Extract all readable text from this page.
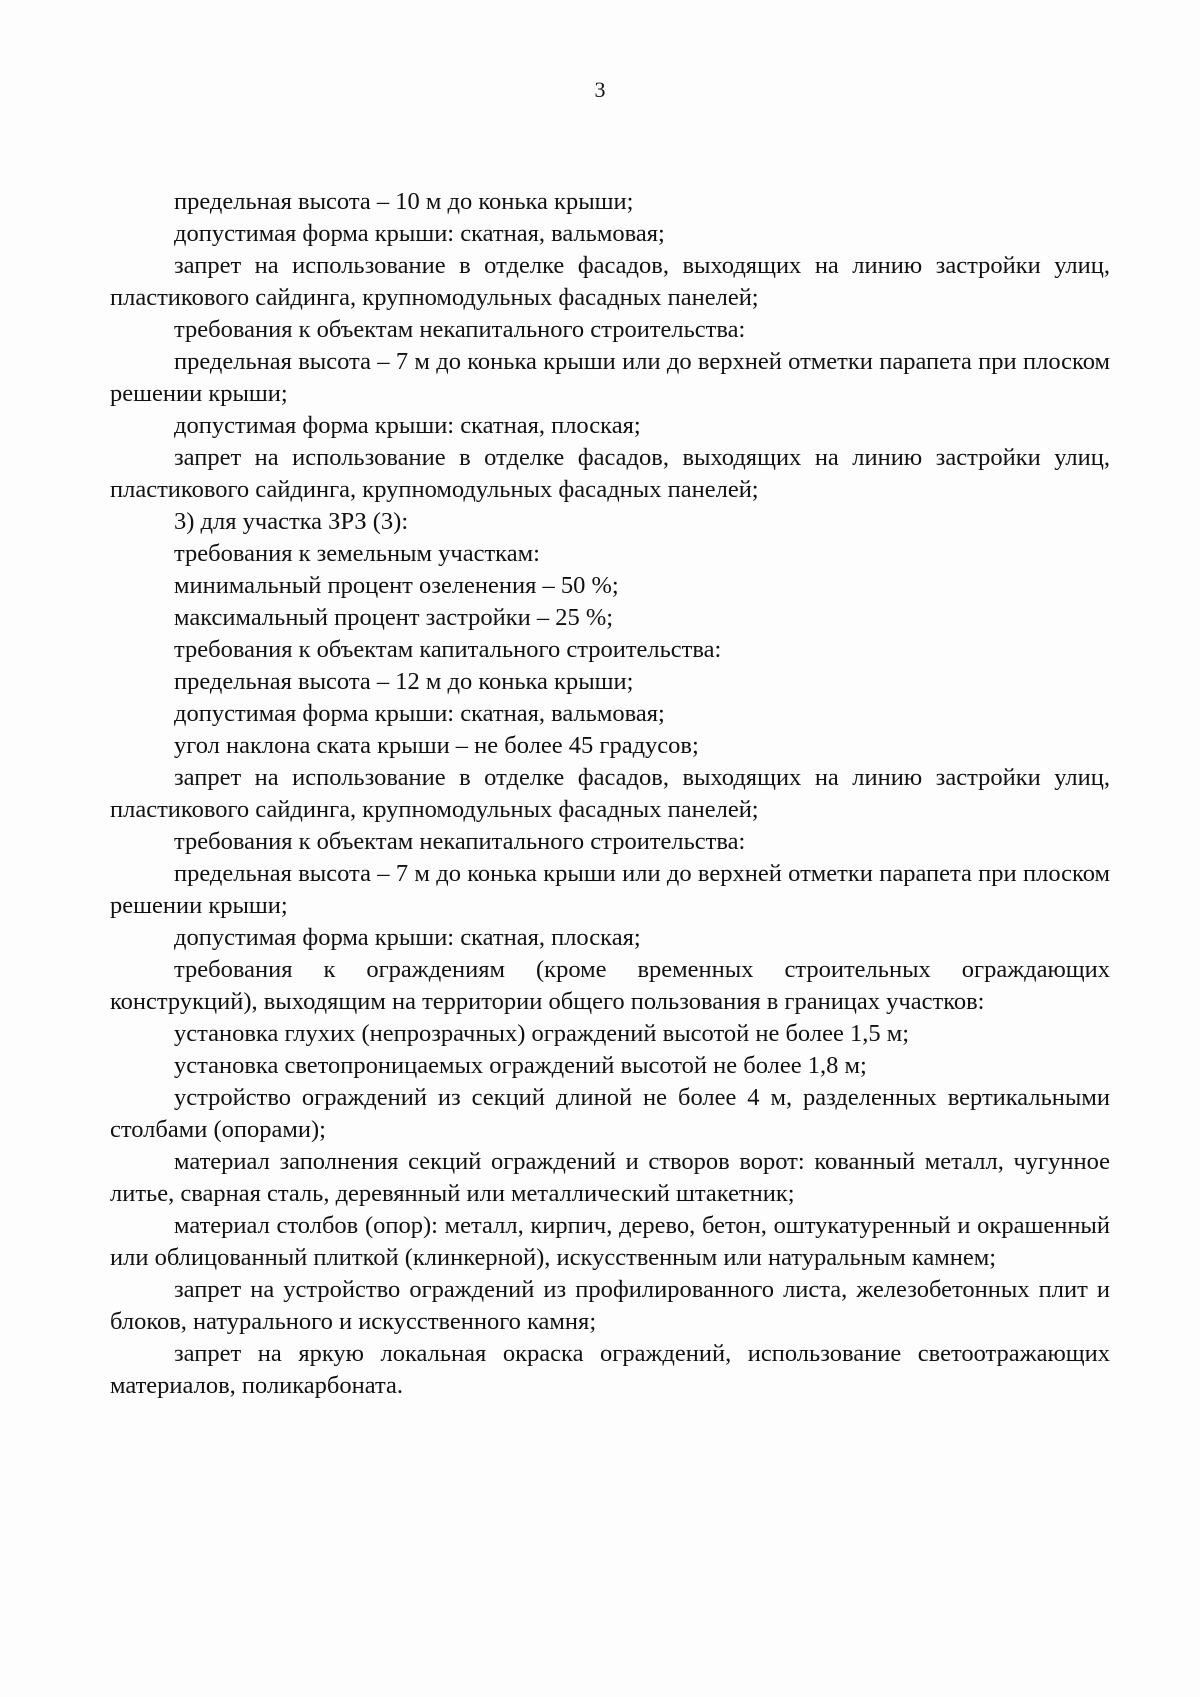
3

предельная высота – 10 м до конька крыши;

допустимая форма крыши: скатная, вальмовая;

запрет на использование в отделке фасадов, выходящих на линию застройки улиц, пластикового сайдинга, крупномодульных фасадных панелей;

требования к объектам некапитального строительства:

предельная высота – 7 м до конька крыши или до верхней отметки парапета при плоском решении крыши;

допустимая форма крыши: скатная, плоская;

запрет на использование в отделке фасадов, выходящих на линию застройки улиц, пластикового сайдинга, крупномодульных фасадных панелей;

3) для участка ЗРЗ (3):

требования к земельным участкам:

минимальный процент озеленения – 50 %;

максимальный процент застройки – 25 %;

требования к объектам капитального строительства:

предельная высота – 12 м до конька крыши;

допустимая форма крыши: скатная, вальмовая;

угол наклона ската крыши – не более 45 градусов;

запрет на использование в отделке фасадов, выходящих на линию застройки улиц, пластикового сайдинга, крупномодульных фасадных панелей;

требования к объектам некапитального строительства:

предельная высота – 7 м до конька крыши или до верхней отметки парапета при плоском решении крыши;

допустимая форма крыши: скатная, плоская;

требования к ограждениям (кроме временных строительных ограждающих конструкций), выходящим на территории общего пользования в границах участков:

установка глухих (непрозрачных) ограждений высотой не более 1,5 м;

установка светопроницаемых ограждений высотой не более 1,8 м;

устройство ограждений из секций длиной не более 4 м, разделенных вертикальными столбами (опорами);

материал заполнения секций ограждений и створов ворот: кованный металл, чугунное литье, сварная сталь, деревянный или металлический штакетник;

материал столбов (опор): металл, кирпич, дерево, бетон, оштукатуренный и окрашенный или облицованный плиткой (клинкерной), искусственным или натуральным камнем;

запрет на устройство ограждений из профилированного листа, железобетонных плит и блоков, натурального и искусственного камня;

запрет на яркую локальная окраска ограждений, использование светоотражающих материалов, поликарбоната.
